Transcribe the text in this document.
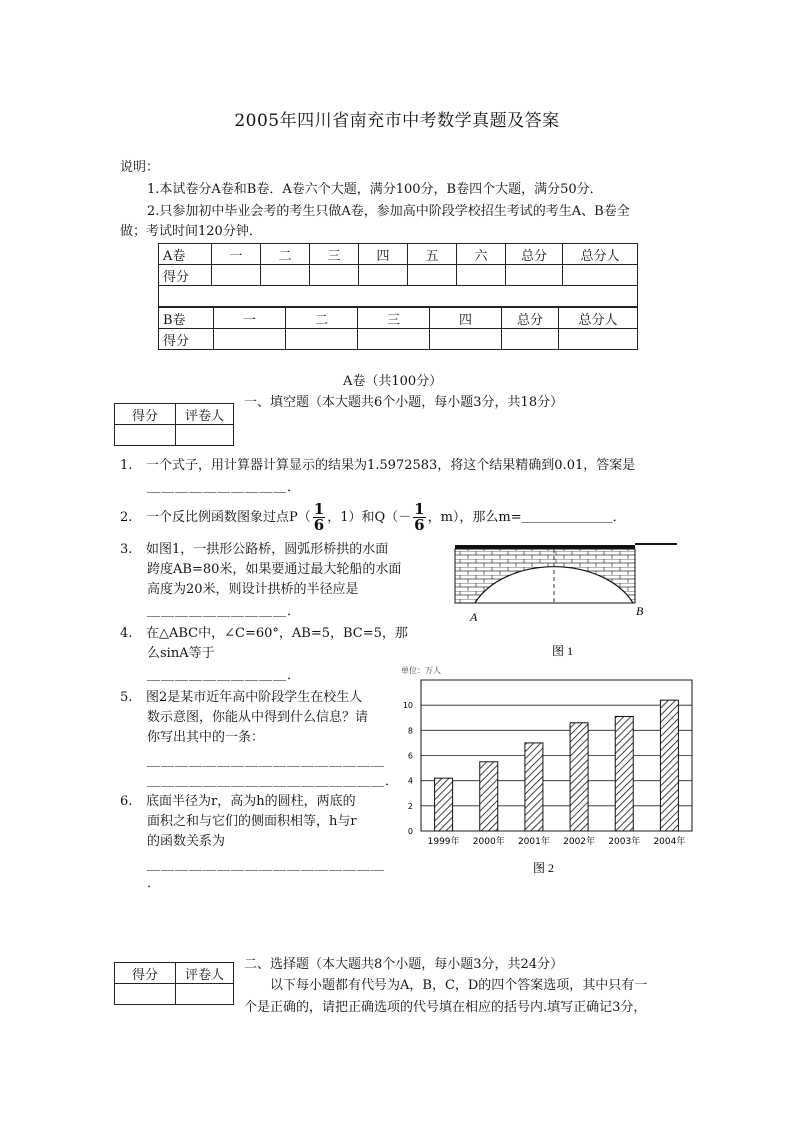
2005年四川省南充市中考数学真题及答案
说明：
1.本试卷分A卷和B卷．A卷六个大题，满分100分，B卷四个大题，满分50分．
2.只参加初中毕业会考的考生只做A卷，参加高中阶段学校招生考试的考生A、B卷全
做；考试时间120分钟．
A卷	一	二	三	四	五	六	总分	总分人
得分								

B卷	一	二	三	四	总分	总分人
得分						
A卷（共100分）
得分	评卷人

一、填空题（本大题共6个小题，每小题3分，共18分）
1. 一个式子，用计算器计算显示的结果为1.5972583，将这个结果精确到0.01，答案是
＿＿＿＿＿＿＿＿＿＿．
2. 一个反比例函数图象过点$P( \frac{1}{6}$ ，1）和$Q(- \frac{1}{6}$ ，m），那么m=＿＿＿＿＿＿＿．
3. 如图1，一拱形公路桥，圆弧形桥拱的水面
跨度AB=80米，如果要通过最大轮船的水面
高度为20米，则设计拱桥的半径应是
＿＿＿＿＿＿＿＿＿＿．
4. 在△ABC中，∠C=60°，AB=5，BC=5，那
么sinA等于
＿＿＿＿＿＿＿＿＿＿．
5. 图2是某市近年高中阶段学生在校生人
数示意图，你能从中得到什么信息？请
你写出其中的一条：
＿＿＿＿＿＿＿＿＿＿＿＿＿＿＿＿＿
＿＿＿＿＿＿＿＿＿＿＿＿＿＿＿＿＿．
6. 底面半径为r，高为h的圆柱，两底的
面积之和与它们的侧面积相等，h与r
的函数关系为
＿＿＿＿＿＿＿＿＿＿＿＿＿＿＿＿＿
．
A	B
图 1
单位：万人
0
2
4
6
8
10
1999年 2000年 2001年 2002年 2003年 2004年
图 2
得分	评卷人

二、选择题（本大题共8个小题，每小题3分，共24分）
以下每小题都有代号为A，B，C，D的四个答案选项，其中只有一
个是正确的，请把正确选项的代号填在相应的括号内.填写正确记3分，
